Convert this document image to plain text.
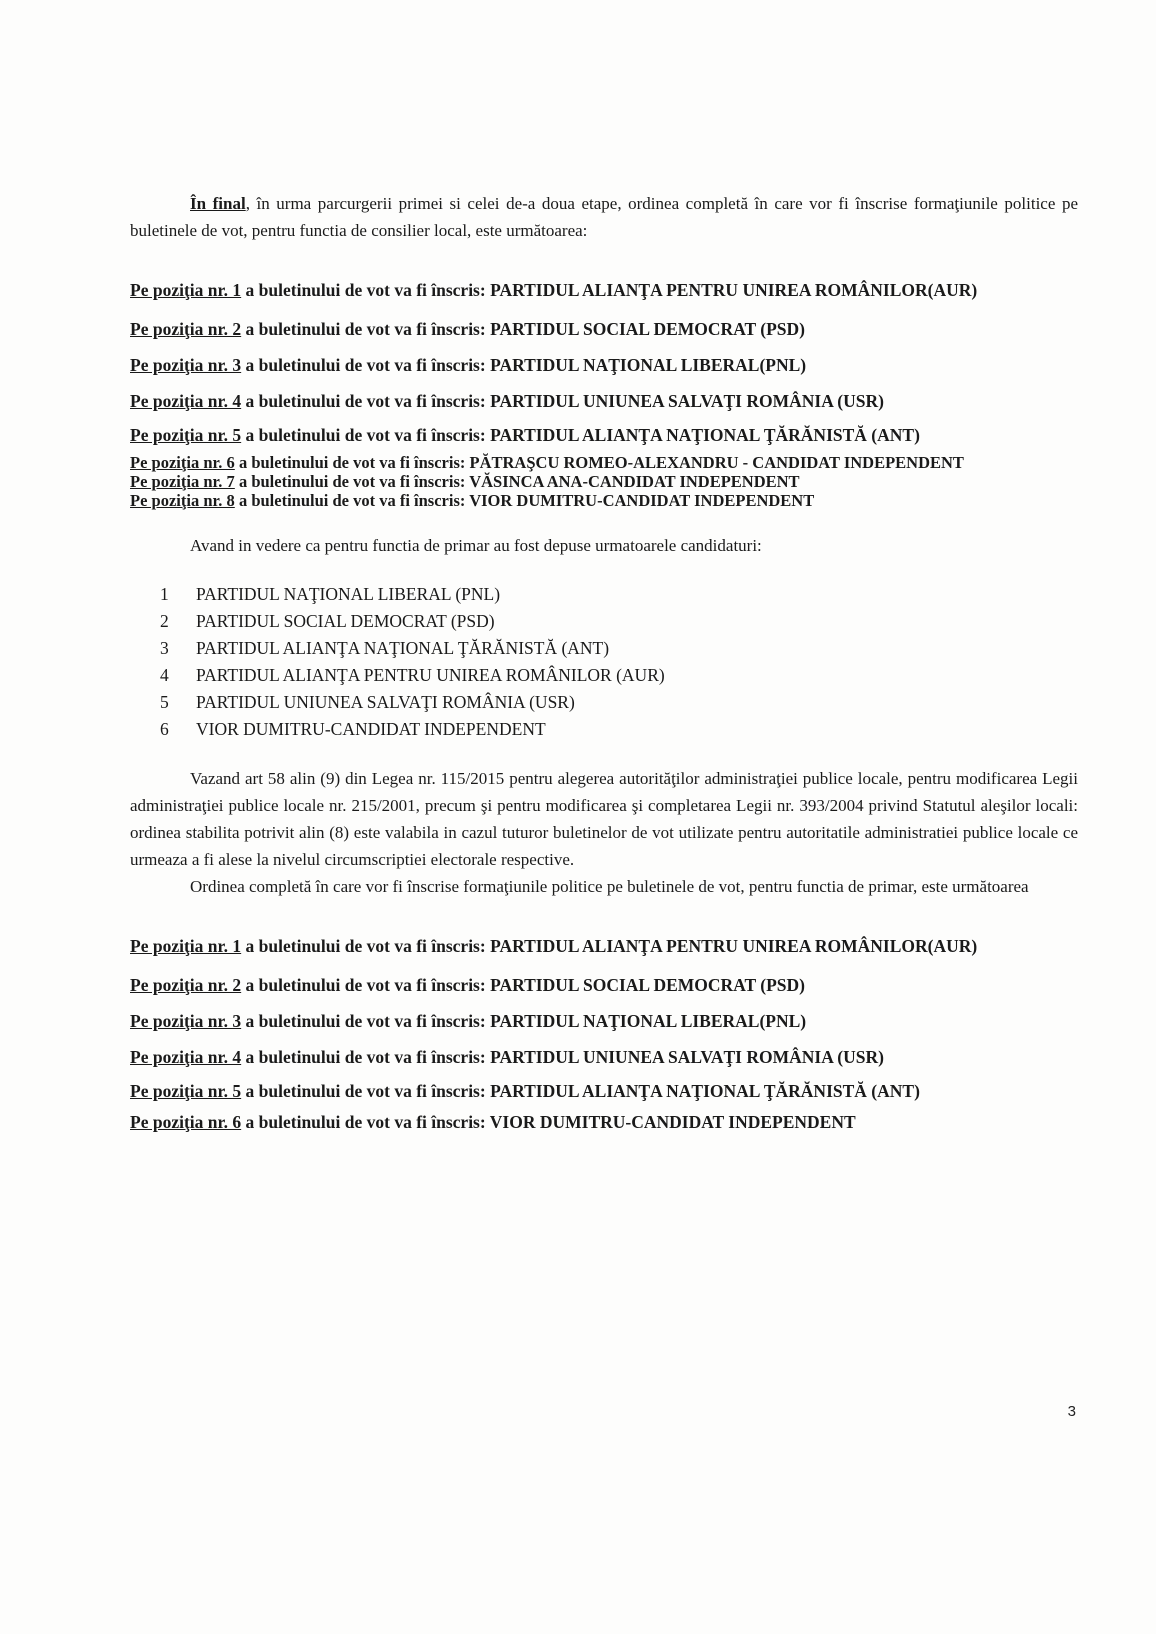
În final, în urma parcurgerii primei si celei de-a doua etape, ordinea completă în care vor fi înscrise formaţiunile politice pe buletinele de vot, pentru functia de consilier local, este următoarea:

Pe poziţia nr. 1 a buletinului de vot va fi înscris: PARTIDUL ALIANŢA PENTRU UNIREA ROMÂNILOR(AUR)

Pe poziţia nr. 2 a buletinului de vot va fi înscris: PARTIDUL SOCIAL DEMOCRAT (PSD)

Pe poziţia nr. 3 a buletinului de vot va fi înscris: PARTIDUL NAŢIONAL LIBERAL(PNL)

Pe poziţia nr. 4 a buletinului de vot va fi înscris: PARTIDUL UNIUNEA SALVAŢI ROMÂNIA (USR)

Pe poziţia nr. 5 a buletinului de vot va fi înscris: PARTIDUL ALIANŢA NAŢIONAL ŢĂRĂNISTĂ (ANT)

Pe poziţia nr. 6 a buletinului de vot va fi înscris: PĂTRAŞCU ROMEO-ALEXANDRU - CANDIDAT INDEPENDENT

Pe poziţia nr. 7 a buletinului de vot va fi înscris: VĂSINCA ANA-CANDIDAT INDEPENDENT

Pe poziţia nr. 8 a buletinului de vot va fi înscris: VIOR DUMITRU-CANDIDAT INDEPENDENT

Avand in vedere ca pentru functia de primar au fost depuse urmatoarele candidaturi:

1	PARTIDUL NAŢIONAL LIBERAL (PNL)
2	PARTIDUL SOCIAL DEMOCRAT (PSD)
3	PARTIDUL ALIANŢA NAŢIONAL ŢĂRĂNISTĂ (ANT)
4	PARTIDUL ALIANŢA PENTRU UNIREA ROMÂNILOR (AUR)
5	PARTIDUL UNIUNEA SALVAŢI ROMÂNIA (USR)
6	VIOR DUMITRU-CANDIDAT INDEPENDENT

Vazand art 58 alin (9) din Legea nr. 115/2015 pentru alegerea autorităţilor administraţiei publice locale, pentru modificarea Legii administraţiei publice locale nr. 215/2001, precum şi pentru modificarea şi completarea Legii nr. 393/2004 privind Statutul aleşilor locali: ordinea stabilita potrivit alin (8) este valabila in cazul tuturor buletinelor de vot utilizate pentru autoritatile administratiei publice locale ce urmeaza a fi alese la nivelul circumscriptiei electorale respective.

Ordinea completă în care vor fi înscrise formaţiunile politice pe buletinele de vot, pentru functia de primar, este următoarea

Pe poziţia nr. 1 a buletinului de vot va fi înscris: PARTIDUL ALIANŢA PENTRU UNIREA ROMÂNILOR(AUR)

Pe poziţia nr. 2 a buletinului de vot va fi înscris: PARTIDUL SOCIAL DEMOCRAT (PSD)

Pe poziţia nr. 3 a buletinului de vot va fi înscris: PARTIDUL NAŢIONAL LIBERAL(PNL)

Pe poziţia nr. 4 a buletinului de vot va fi înscris: PARTIDUL UNIUNEA SALVAŢI ROMÂNIA (USR)

Pe poziţia nr. 5 a buletinului de vot va fi înscris: PARTIDUL ALIANŢA NAŢIONAL ŢĂRĂNISTĂ (ANT)

Pe poziţia nr. 6 a buletinului de vot va fi înscris: VIOR DUMITRU-CANDIDAT INDEPENDENT

3
